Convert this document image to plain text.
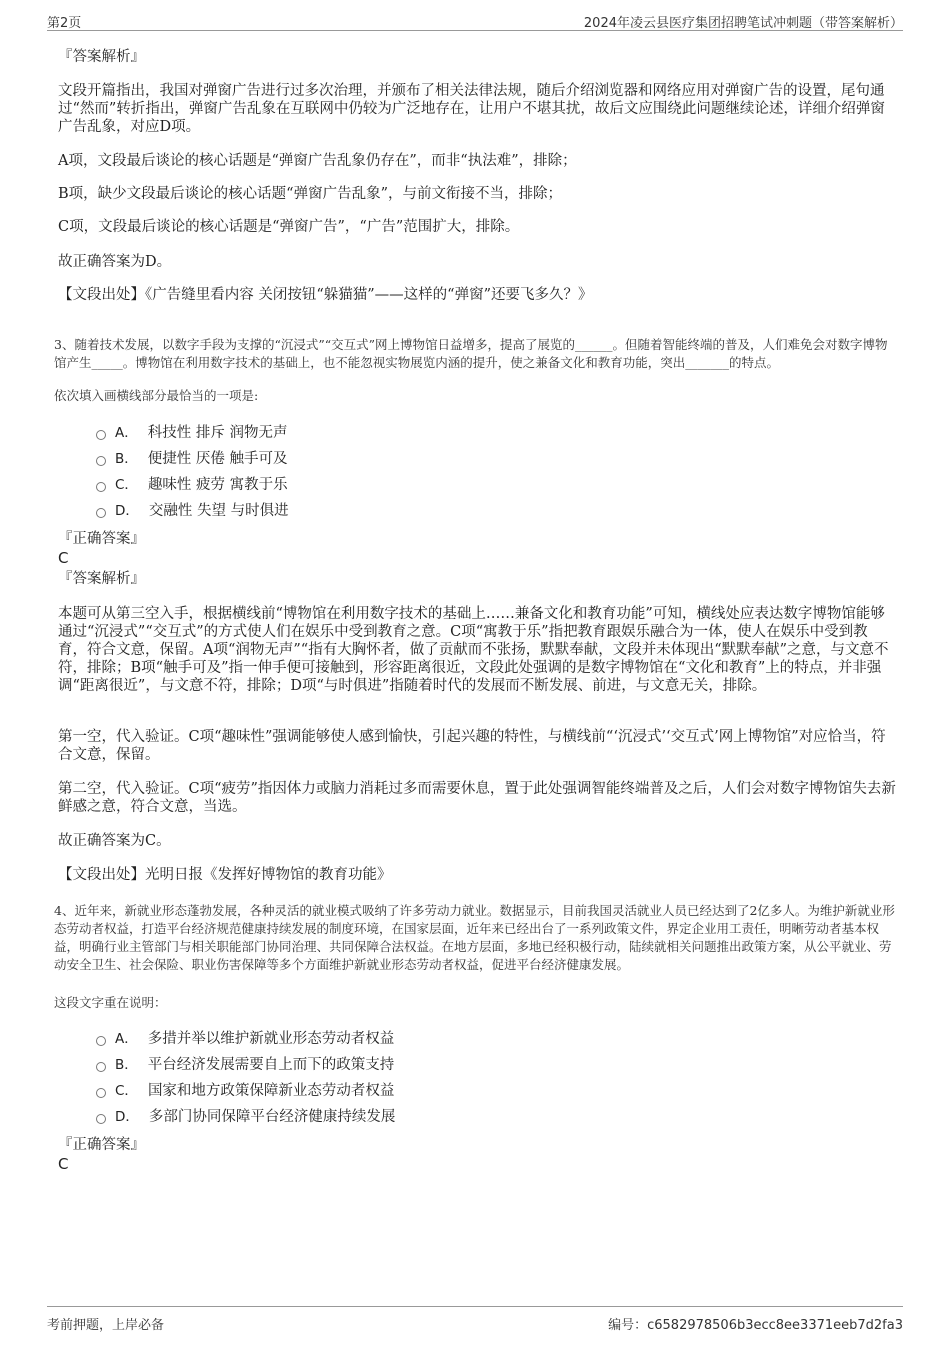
第2页	2024年凌云县医疗集团招聘笔试冲刺题（带答案解析）
『答案解析』
文段开篇指出，我国对弹窗广告进行过多次治理，并颁布了相关法律法规，随后介绍浏览器和网络应用对弹窗广告的设置，尾句通过“然而”转折指出，弹窗广告乱象在互联网中仍较为广泛地存在，让用户不堪其扰，故后文应围绕此问题继续论述，详细介绍弹窗广告乱象，对应D项。
A项，文段最后谈论的核心话题是“弹窗广告乱象仍存在”，而非“执法难”，排除；
B项，缺少文段最后谈论的核心话题“弹窗广告乱象”，与前文衔接不当，排除；
C项，文段最后谈论的核心话题是“弹窗广告”，“广告”范围扩大，排除。
故正确答案为D。
【文段出处】《广告缝里看内容 关闭按钮“躲猫猫”——这样的“弹窗”还要飞多久？》
3、随着技术发展，以数字手段为支撑的“沉浸式”“交互式”网上博物馆日益增多，提高了展览的______。但随着智能终端的普及，人们难免会对数字博物馆产生_____。博物馆在利用数字技术的基础上，也不能忽视实物展览内涵的提升，使之兼备文化和教育功能，突出_______的特点。
依次填入画横线部分最恰当的一项是:
A． 科技性 排斥 润物无声
B． 便捷性 厌倦 触手可及
C． 趣味性 疲劳 寓教于乐
D． 交融性 失望 与时俱进
『正确答案』
C
『答案解析』
本题可从第三空入手，根据横线前“博物馆在利用数字技术的基础上……兼备文化和教育功能”可知，横线处应表达数字博物馆能够通过“沉浸式”“交互式”的方式使人们在娱乐中受到教育之意。C项“寓教于乐”指把教育跟娱乐融合为一体，使人在娱乐中受到教育，符合文意，保留。A项“润物无声”“指有大胸怀者，做了贡献而不张扬，默默奉献，文段并未体现出“默默奉献”之意，与文意不符，排除；B项“触手可及”指一伸手便可接触到，形容距离很近，文段此处强调的是数字博物馆在“文化和教育”上的特点，并非强调“距离很近”，与文意不符，排除；D项“与时俱进”指随着时代的发展而不断发展、前进，与文意无关，排除。
第一空，代入验证。C项“趣味性”强调能够使人感到愉快，引起兴趣的特性，与横线前“‘沉浸式’‘交互式’网上博物馆”对应恰当，符合文意，保留。
第二空，代入验证。C项“疲劳”指因体力或脑力消耗过多而需要休息，置于此处强调智能终端普及之后，人们会对数字博物馆失去新鲜感之意，符合文意，当选。
故正确答案为C。
【文段出处】光明日报《发挥好博物馆的教育功能》
4、近年来，新就业形态蓬勃发展，各种灵活的就业模式吸纳了许多劳动力就业。数据显示，目前我国灵活就业人员已经达到了2亿多人。为维护新就业形态劳动者权益，打造平台经济规范健康持续发展的制度环境，在国家层面，近年来已经出台了一系列政策文件，界定企业用工责任，明晰劳动者基本权益，明确行业主管部门与相关职能部门协同治理、共同保障合法权益。在地方层面，多地已经积极行动，陆续就相关问题推出政策方案，从公平就业、劳动安全卫生、社会保险、职业伤害保障等多个方面维护新就业形态劳动者权益，促进平台经济健康发展。
这段文字重在说明：
A． 多措并举以维护新就业形态劳动者权益
B． 平台经济发展需要自上而下的政策支持
C． 国家和地方政策保障新业态劳动者权益
D． 多部门协同保障平台经济健康持续发展
『正确答案』
C
考前押题，上岸必备	编号：c6582978506b3ecc8ee3371eeb7d2fa3
